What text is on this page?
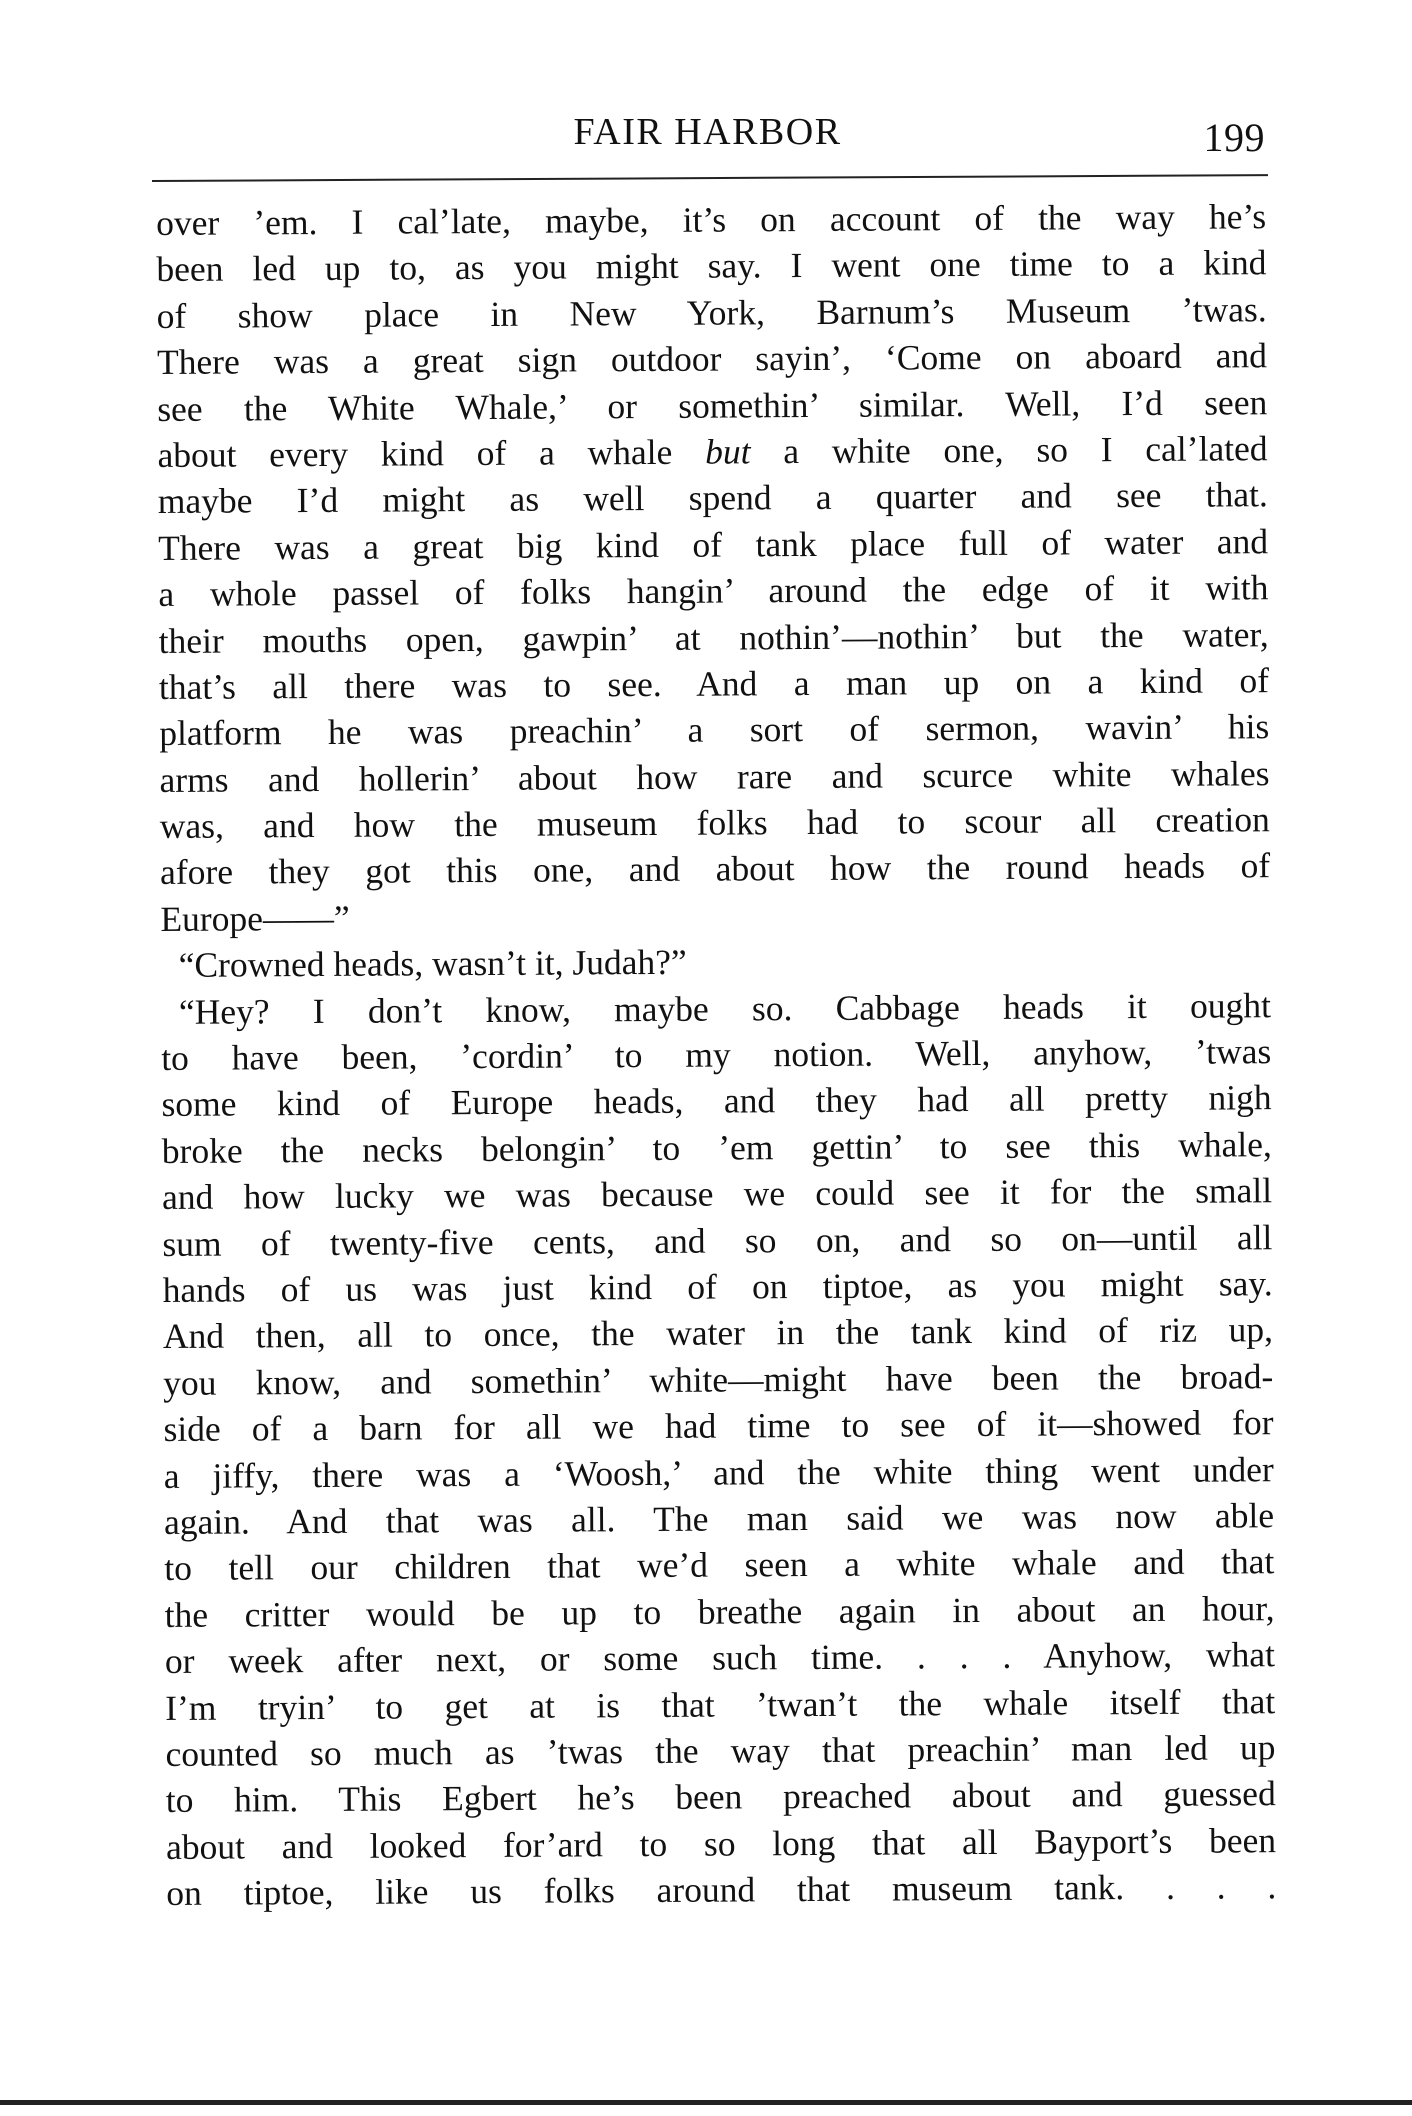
FAIR HARBOR	199
over ’em. I cal’late, maybe, it’s on account of the way he’s
been led up to, as you might say. I went one time to a kind
of show place in New York, Barnum’s Museum ’twas.
There was a great sign outdoor sayin’, ‘Come on aboard and
see the White Whale,’ or somethin’ similar. Well, I’d seen
about every kind of a whale but a white one, so I cal’lated
maybe I’d might as well spend a quarter and see that.
There was a great big kind of tank place full of water and
a whole passel of folks hangin’ around the edge of it with
their mouths open, gawpin’ at nothin’—nothin’ but the water,
that’s all there was to see. And a man up on a kind of
platform he was preachin’ a sort of sermon, wavin’ his
arms and hollerin’ about how rare and scurce white whales
was, and how the museum folks had to scour all creation
afore they got this one, and about how the round heads of
Europe——”
“Crowned heads, wasn’t it, Judah?”
“Hey? I don’t know, maybe so. Cabbage heads it ought
to have been, ’cordin’ to my notion. Well, anyhow, ’twas
some kind of Europe heads, and they had all pretty nigh
broke the necks belongin’ to ’em gettin’ to see this whale,
and how lucky we was because we could see it for the small
sum of twenty-five cents, and so on, and so on—until all
hands of us was just kind of on tiptoe, as you might say.
And then, all to once, the water in the tank kind of riz up,
you know, and somethin’ white—might have been the broad-
side of a barn for all we had time to see of it—showed for
a jiffy, there was a ‘Woosh,’ and the white thing went under
again. And that was all. The man said we was now able
to tell our children that we’d seen a white whale and that
the critter would be up to breathe again in about an hour,
or week after next, or some such time. . . . Anyhow, what
I’m tryin’ to get at is that ’twan’t the whale itself that
counted so much as ’twas the way that preachin’ man led up
to him. This Egbert he’s been preached about and guessed
about and looked for’ard to so long that all Bayport’s been
on tiptoe, like us folks around that museum tank. . . .
